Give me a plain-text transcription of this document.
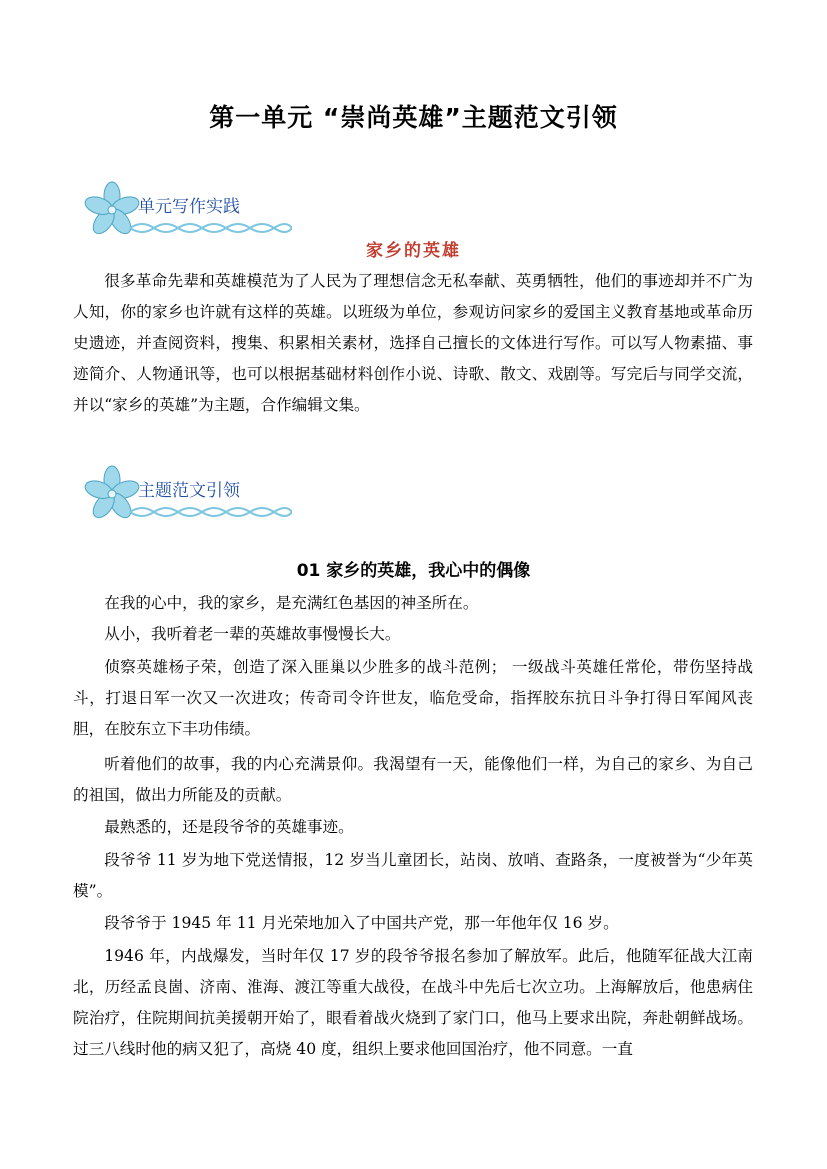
第一单元 “崇尚英雄”主题范文引领
单元写作实践
家乡的英雄

很多革命先辈和英雄模范为了人民为了理想信念无私奉献、英勇牺牲，他们的事迹却并不广为人知，你的家乡也许就有这样的英雄。以班级为单位，参观访问家乡的爱国主义教育基地或革命历史遗迹，并查阅资料，搜集、积累相关素材，选择自己擅长的文体进行写作。可以写人物素描、事迹简介、人物通讯等，也可以根据基础材料创作小说、诗歌、散文、戏剧等。写完后与同学交流，并以“家乡的英雄”为主题，合作编辑文集。

主题范文引领
01 家乡的英雄，我心中的偶像

在我的心中，我的家乡，是充满红色基因的神圣所在。

从小，我听着老一辈的英雄故事慢慢长大。

侦察英雄杨子荣，创造了深入匪巢以少胜多的战斗范例； 一级战斗英雄任常伦，带伤坚持战斗，打退日军一次又一次进攻；传奇司令许世友，临危受命，指挥胶东抗日斗争打得日军闻风丧胆，在胶东立下丰功伟绩。

听着他们的故事，我的内心充满景仰。我渴望有一天，能像他们一样，为自己的家乡、为自己的祖国，做出力所能及的贡献。

最熟悉的，还是段爷爷的英雄事迹。

段爷爷 11 岁为地下党送情报，12 岁当儿童团长，站岗、放哨、查路条，一度被誉为“少年英模”。

段爷爷于 1945 年 11 月光荣地加入了中国共产党，那一年他年仅 16 岁。

1946 年，内战爆发，当时年仅 17 岁的段爷爷报名参加了解放军。此后，他随军征战大江南北，历经孟良崮、济南、淮海、渡江等重大战役，在战斗中先后七次立功。上海解放后，他患病住院治疗，住院期间抗美援朝开始了，眼看着战火烧到了家门口，他马上要求出院，奔赴朝鲜战场。过三八线时他的病又犯了，高烧 40 度，组织上要求他回国治疗，他不同意。一直
